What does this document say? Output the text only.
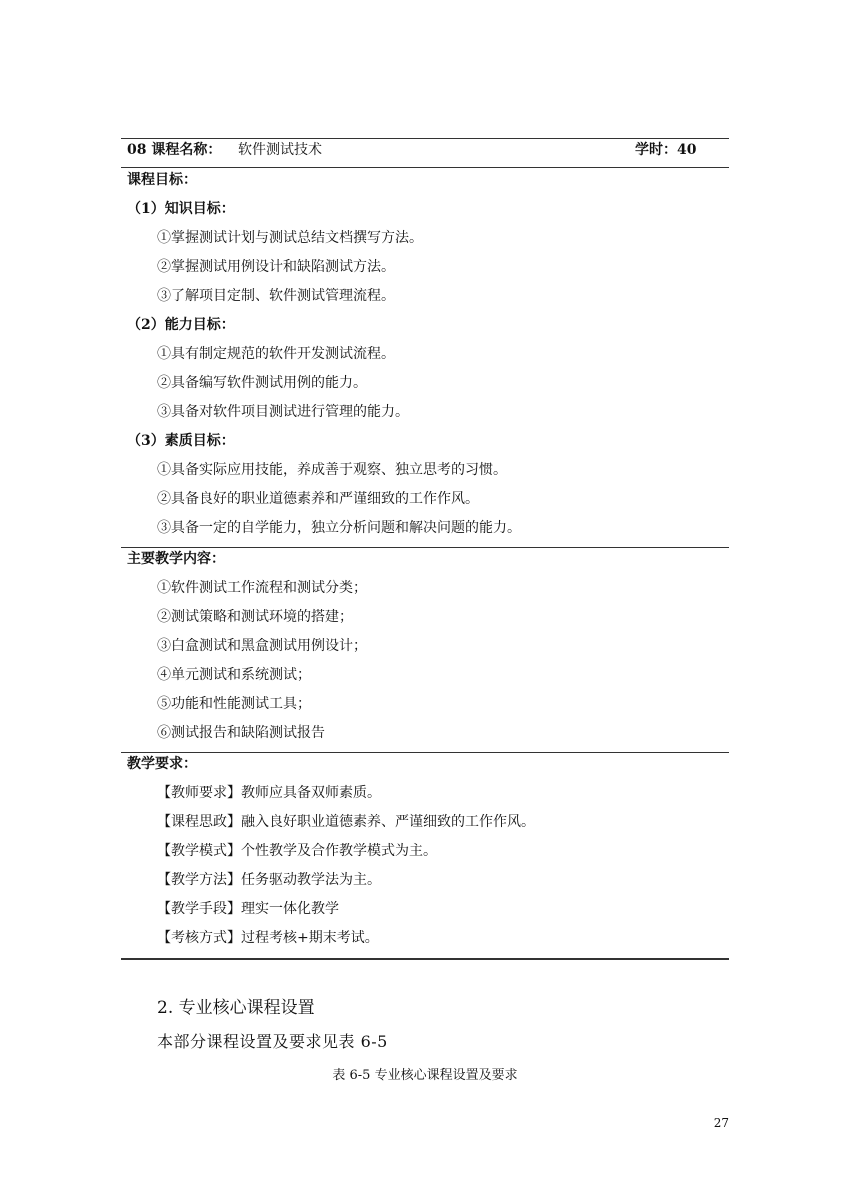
08 课程名称： 软件测试技术	学时：40
课程目标：
（1）知识目标：
①掌握测试计划与测试总结文档撰写方法。
②掌握测试用例设计和缺陷测试方法。
③了解项目定制、软件测试管理流程。
（2）能力目标：
①具有制定规范的软件开发测试流程。
②具备编写软件测试用例的能力。
③具备对软件项目测试进行管理的能力。
（3）素质目标：
①具备实际应用技能，养成善于观察、独立思考的习惯。
②具备良好的职业道德素养和严谨细致的工作作风。
③具备一定的自学能力，独立分析问题和解决问题的能力。
主要教学内容：
①软件测试工作流程和测试分类；
②测试策略和测试环境的搭建；
③白盒测试和黑盒测试用例设计；
④单元测试和系统测试；
⑤功能和性能测试工具；
⑥测试报告和缺陷测试报告
教学要求：
【教师要求】教师应具备双师素质。
【课程思政】融入良好职业道德素养、严谨细致的工作作风。
【教学模式】个性教学及合作教学模式为主。
【教学方法】任务驱动教学法为主。
【教学手段】理实一体化教学
【考核方式】过程考核+期末考试。
2. 专业核心课程设置
本部分课程设置及要求见表 6-5
表 6-5 专业核心课程设置及要求
27
